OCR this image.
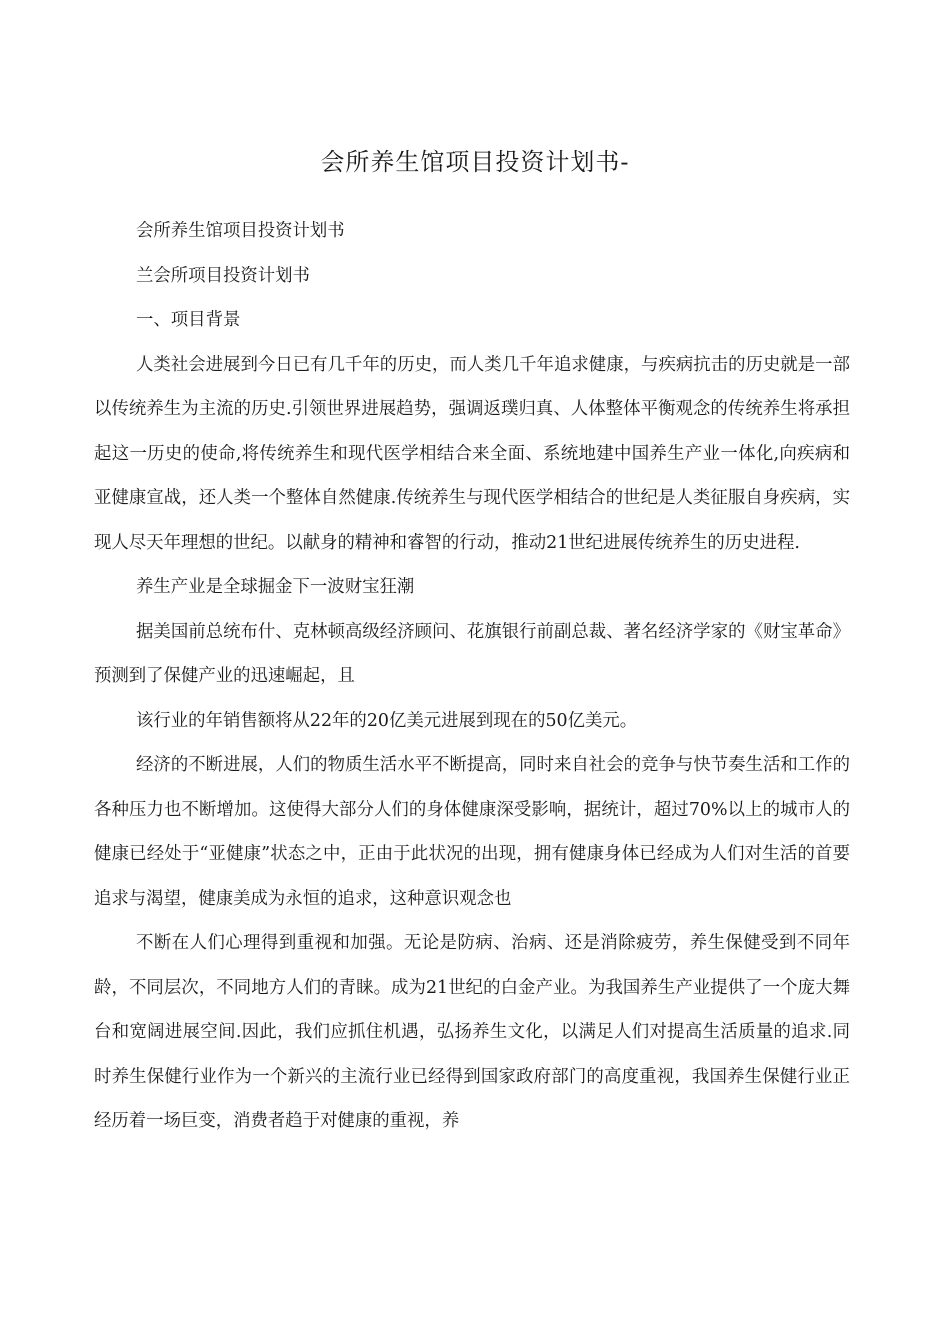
会所养生馆项目投资计划书-

会所养生馆项目投资计划书

兰会所项目投资计划书

一、项目背景

人类社会进展到今日已有几千年的历史，而人类几千年追求健康，与疾病抗击的历史就是一部以传统养生为主流的历史.引领世界进展趋势，强调返璞归真、人体整体平衡观念的传统养生将承担起这一历史的使命,将传统养生和现代医学相结合来全面、系统地建中国养生产业一体化,向疾病和亚健康宣战，还人类一个整体自然健康.传统养生与现代医学相结合的世纪是人类征服自身疾病，实现人尽天年理想的世纪。以献身的精神和睿智的行动，推动21世纪进展传统养生的历史进程.

养生产业是全球掘金下一波财宝狂潮

据美国前总统布什、克林顿高级经济顾问、花旗银行前副总裁、著名经济学家的《财宝革命》预测到了保健产业的迅速崛起，且

该行业的年销售额将从22年的20亿美元进展到现在的50亿美元。

经济的不断进展，人们的物质生活水平不断提高，同时来自社会的竞争与快节奏生活和工作的各种压力也不断增加。这使得大部分人们的身体健康深受影响，据统计，超过70%以上的城市人的健康已经处于“亚健康”状态之中，正由于此状况的出现，拥有健康身体已经成为人们对生活的首要追求与渴望，健康美成为永恒的追求，这种意识观念也

不断在人们心理得到重视和加强。无论是防病、治病、还是消除疲劳，养生保健受到不同年龄，不同层次，不同地方人们的青睐。成为21世纪的白金产业。为我国养生产业提供了一个庞大舞台和宽阔进展空间.因此，我们应抓住机遇，弘扬养生文化，以满足人们对提高生活质量的追求.同时养生保健行业作为一个新兴的主流行业已经得到国家政府部门的高度重视，我国养生保健行业正经历着一场巨变，消费者趋于对健康的重视，养
